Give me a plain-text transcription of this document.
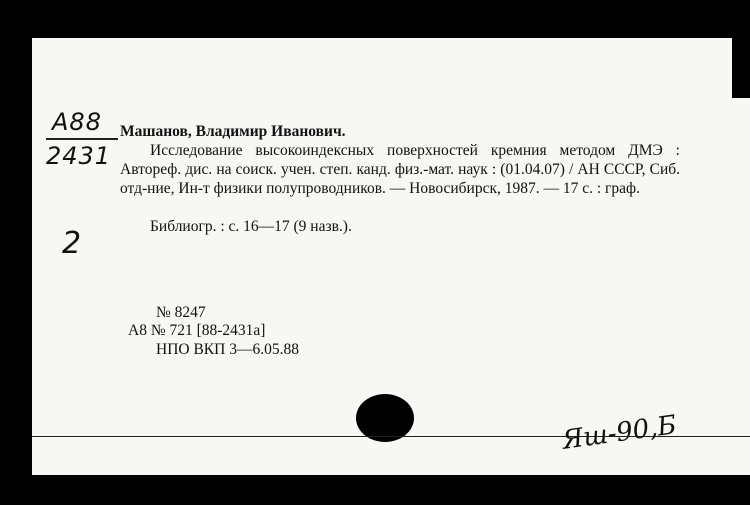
A88
2431
2
Машанов, Владимир Иванович.
Исследование высокоиндексных поверхностей кремния методом ДМЭ : Автореф. дис. на соиск. учен. степ. канд. физ.-мат. наук : (01.04.07) / АН СССР, Сиб. отд-ние, Ин-т физики полупроводников. — Новосибирск, 1987. — 17 с. : граф.
Библиогр. : с. 16—17 (9 назв.).
№ 8247
А8 № 721 [88-2431а]
НПО ВКП 3—6.05.88
Яш-90,Б
